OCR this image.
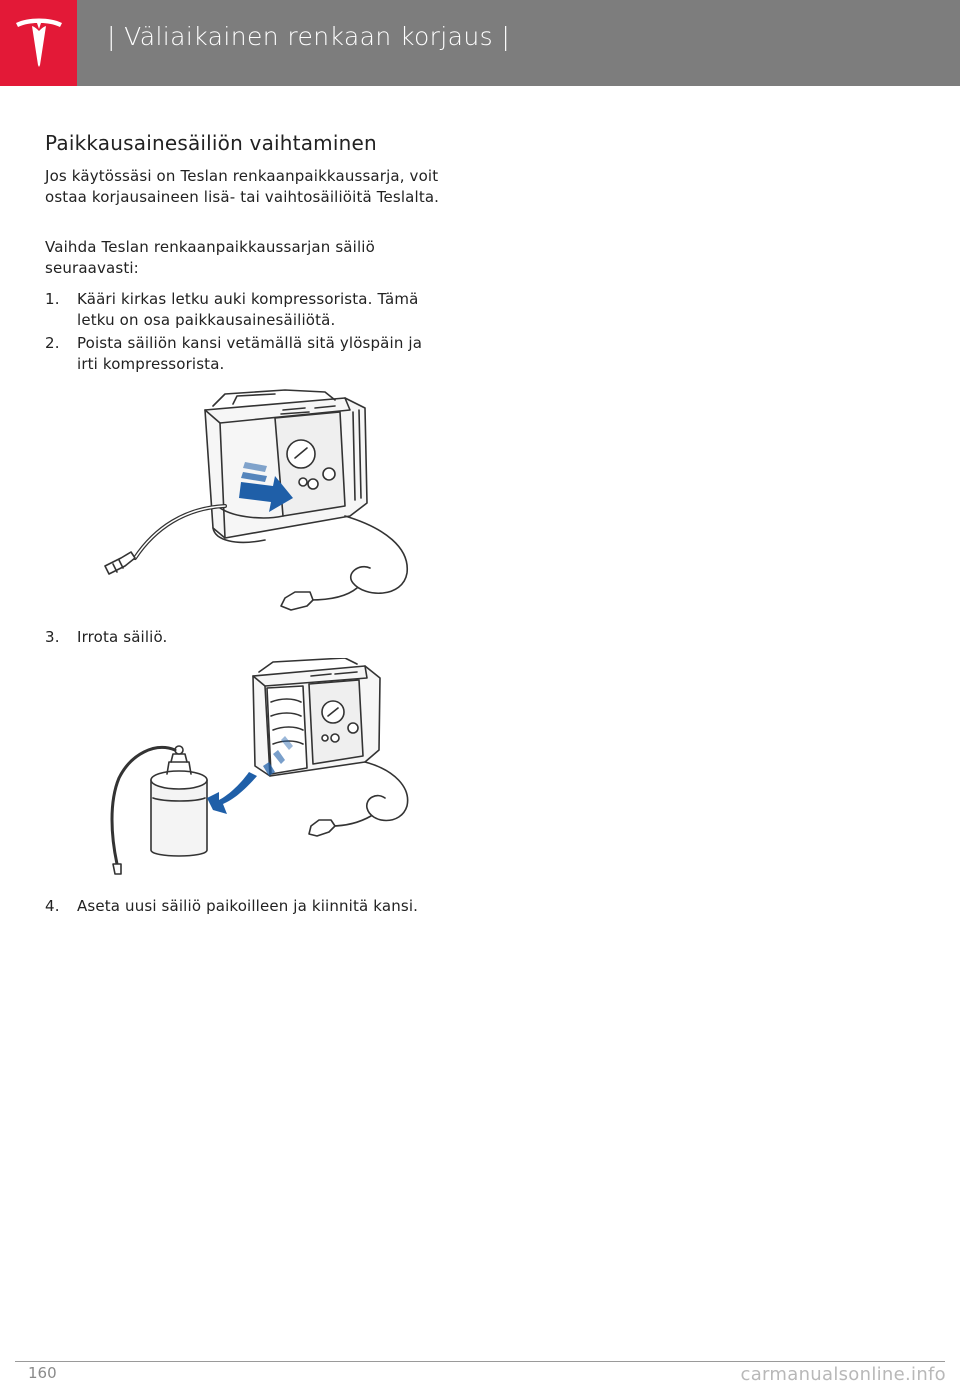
| Väliaikainen renkaan korjaus |
Paikkausainesäiliön vaihtaminen
Jos käytössäsi on Teslan renkaanpaikkaussarja, voit ostaa korjausaineen lisä- tai vaihtosäiliöitä Teslalta.
Vaihda Teslan renkaanpaikkaussarjan säiliö seuraavasti:
1. Kääri kirkas letku auki kompressorista. Tämä letku on osa paikkausainesäiliötä.
2. Poista säiliön kansi vetämällä sitä ylöspäin ja irti kompressorista.
3. Irrota säiliö.
4. Aseta uusi säiliö paikoilleen ja kiinnitä kansi.
160	carmanualsonline.info
